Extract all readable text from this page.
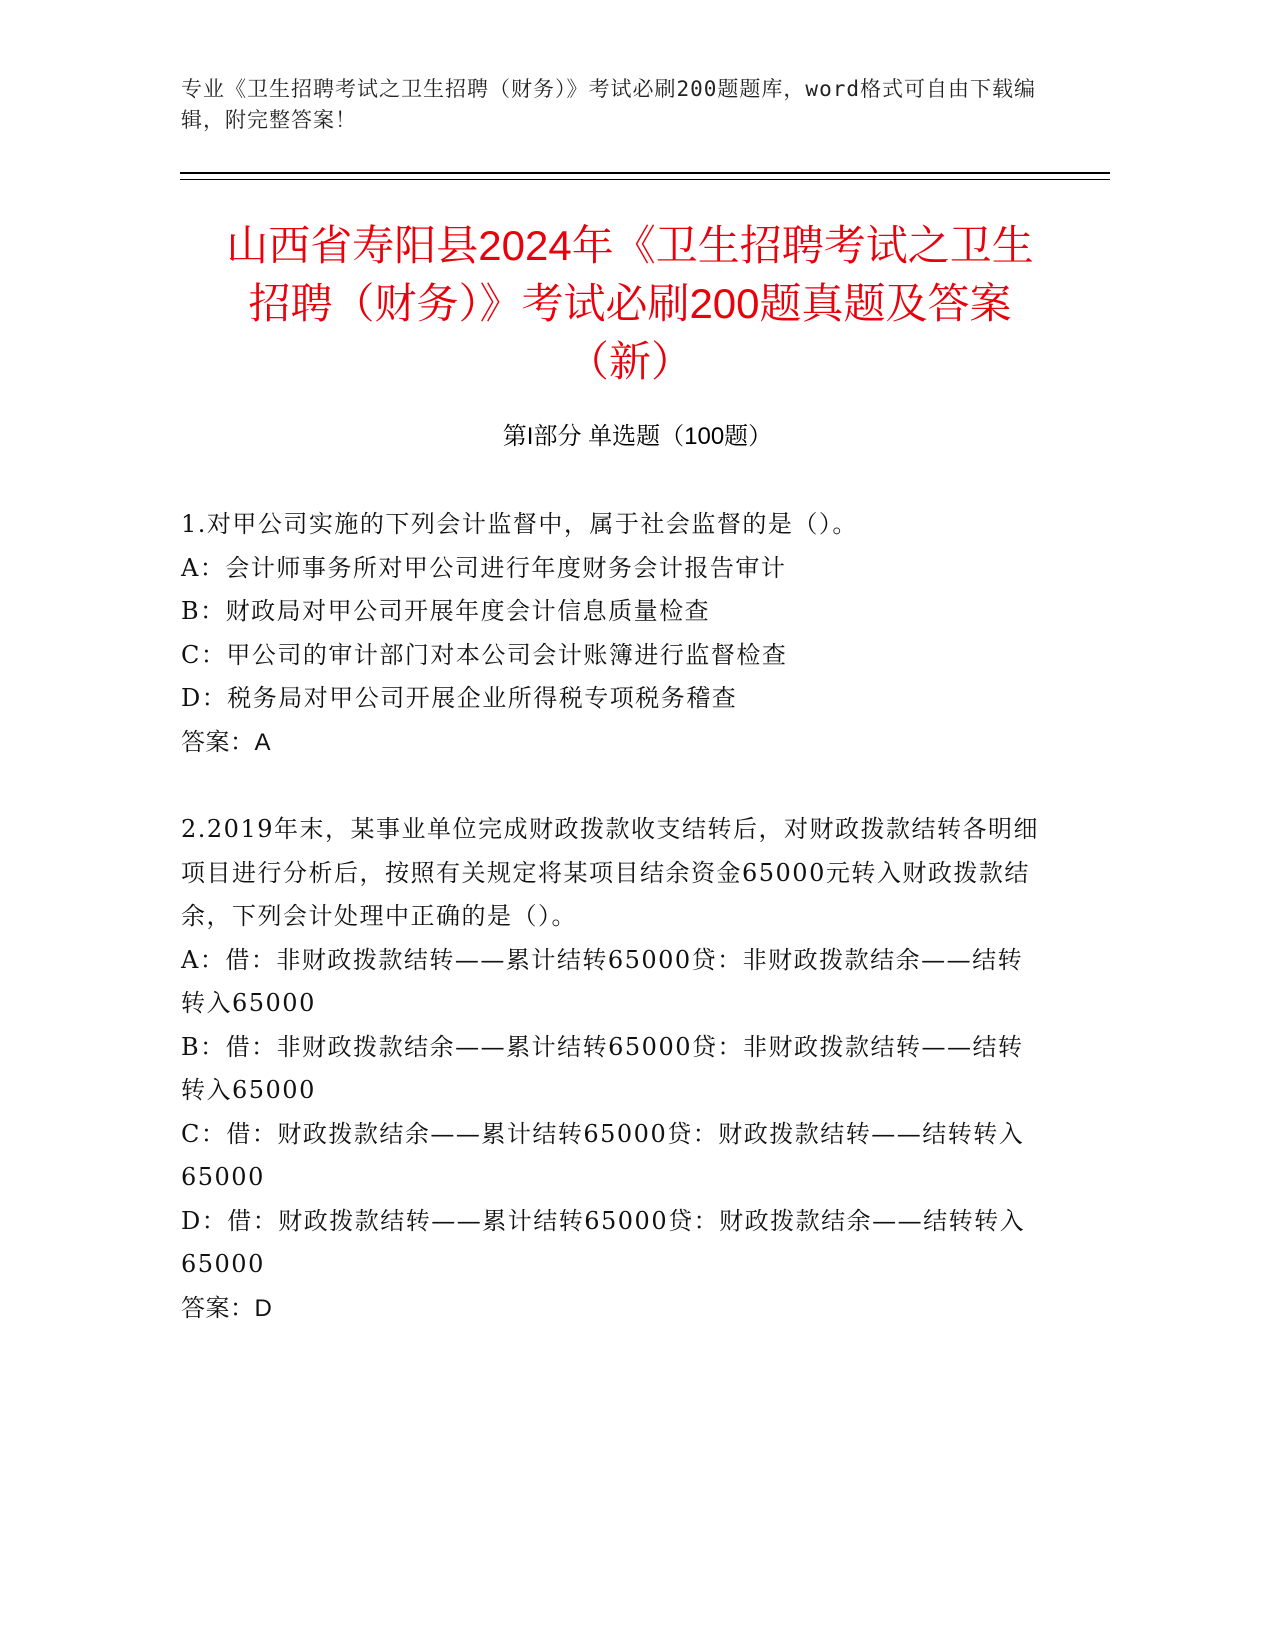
专业《卫生招聘考试之卫生招聘（财务）》考试必刷200题题库，word格式可自由下载编辑，附完整答案！
山西省寿阳县2024年《卫生招聘考试之卫生
招聘（财务）》考试必刷200题真题及答案
（新）
第I部分 单选题（100题）
1.对甲公司实施的下列会计监督中，属于社会监督的是（）。
A：会计师事务所对甲公司进行年度财务会计报告审计
B：财政局对甲公司开展年度会计信息质量检查
C：甲公司的审计部门对本公司会计账簿进行监督检查
D：税务局对甲公司开展企业所得税专项税务稽查
答案：A
2.2019年末，某事业单位完成财政拨款收支结转后，对财政拨款结转各明细项目进行分析后，按照有关规定将某项目结余资金65000元转入财政拨款结余，下列会计处理中正确的是（）。
A：借：非财政拨款结转——累计结转65000贷：非财政拨款结余——结转转入65000
B：借：非财政拨款结余——累计结转65000贷：非财政拨款结转——结转转入65000
C：借：财政拨款结余——累计结转65000贷：财政拨款结转——结转转入65000
D：借：财政拨款结转——累计结转65000贷：财政拨款结余——结转转入65000
答案：D
